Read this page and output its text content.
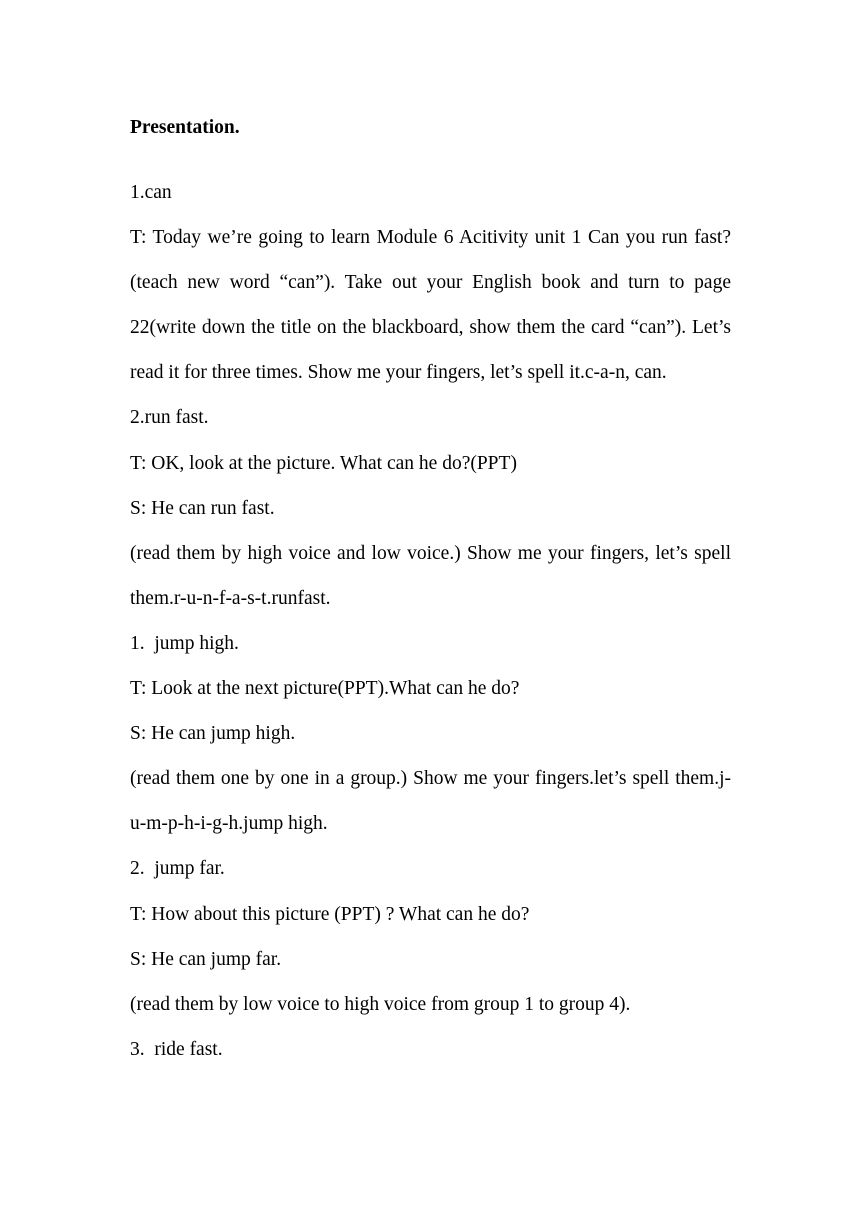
Presentation.

1.can

T: Today we’re going to learn Module 6 Acitivity unit 1 Can you run fast?(teach new word “can”). Take out your English book and turn to page 22(write down the title on the blackboard, show them the card “can”). Let’s read it for three times. Show me your fingers, let’s spell it.c-a-n, can.

2.run fast.

T: OK, look at the picture. What can he do?(PPT)

S: He can run fast.

(read them by high voice and low voice.) Show me your fingers, let’s spell them.r-u-n-f-a-s-t.runfast.

1.  jump high.

T: Look at the next picture(PPT).What can he do?

S: He can jump high.

(read them one by one in a group.) Show me your fingers.let’s spell them.j-u-m-p-h-i-g-h.jump high.

2.  jump far.

T: How about this picture (PPT) ? What can he do?

S: He can jump far.

(read them by low voice to high voice from group 1 to group 4).

3.  ride fast.
